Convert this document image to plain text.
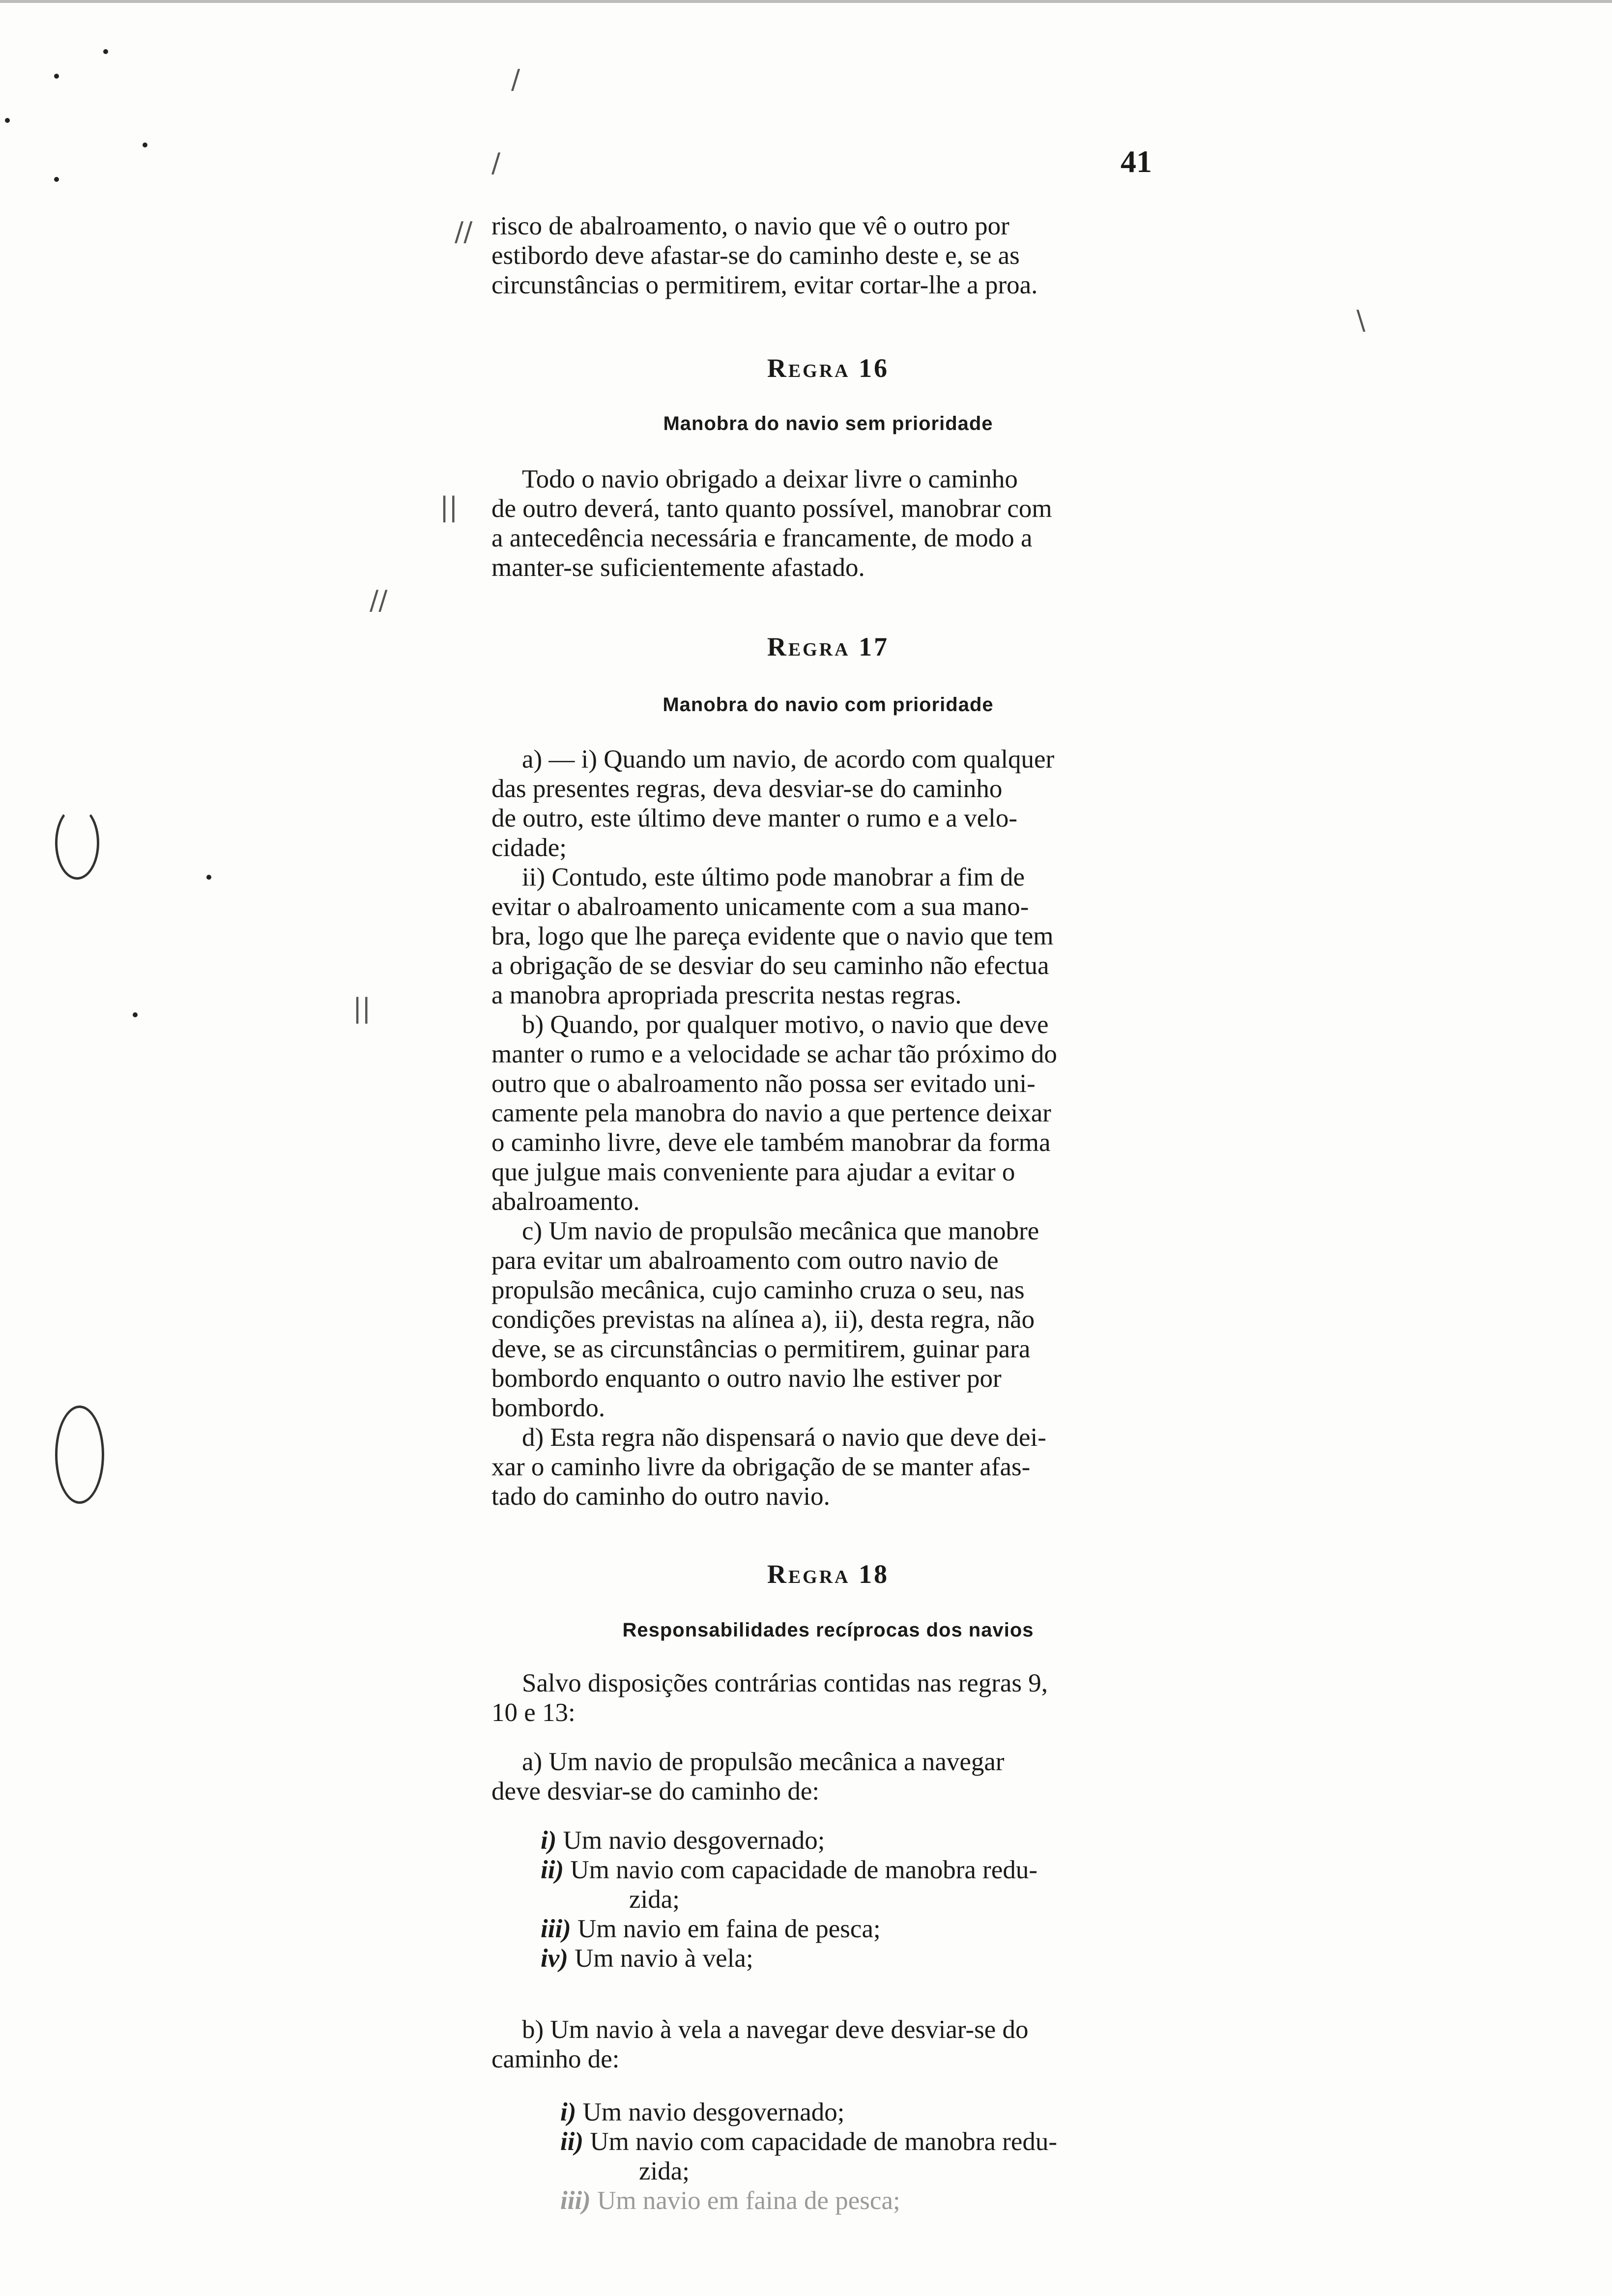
/
/
//
||
//
||
\
41

risco de abalroamento, o navio que vê o outro por

estibordo deve afastar-se do caminho deste e, se as

circunstâncias o permitirem, evitar cortar-lhe a proa.

Regra 16
Manobra do navio sem prioridade

Todo o navio obrigado a deixar livre o caminho

de outro deverá, tanto quanto possível, manobrar com

a antecedência necessária e francamente, de modo a

manter-se suficientemente afastado.

Regra 17
Manobra do navio com prioridade

a) — i) Quando um navio, de acordo com qualquer

das presentes regras, deva desviar-se do caminho

de outro, este último deve manter o rumo e a velo-

cidade;

ii) Contudo, este último pode manobrar a fim de

evitar o abalroamento unicamente com a sua mano-

bra, logo que lhe pareça evidente que o navio que tem

a obrigação de se desviar do seu caminho não efectua

a manobra apropriada prescrita nestas regras.

b) Quando, por qualquer motivo, o navio que deve

manter o rumo e a velocidade se achar tão próximo do

outro que o abalroamento não possa ser evitado uni-

camente pela manobra do navio a que pertence deixar

o caminho livre, deve ele também manobrar da forma

que julgue mais conveniente para ajudar a evitar o

abalroamento.

c) Um navio de propulsão mecânica que manobre

para evitar um abalroamento com outro navio de

propulsão mecânica, cujo caminho cruza o seu, nas

condições previstas na alínea a), ii), desta regra, não

deve, se as circunstâncias o permitirem, guinar para

bombordo enquanto o outro navio lhe estiver por

bombordo.

d) Esta regra não dispensará o navio que deve dei-

xar o caminho livre da obrigação de se manter afas-

tado do caminho do outro navio.

Regra 18
Responsabilidades recíprocas dos navios

Salvo disposições contrárias contidas nas regras 9,

10 e 13:

a) Um navio de propulsão mecânica a navegar

deve desviar-se do caminho de:

i) Um navio desgovernado;
ii) Um navio com capacidade de manobra redu-
zida;
iii) Um navio em faina de pesca;
iv) Um navio à vela;

b) Um navio à vela a navegar deve desviar-se do

caminho de:

i) Um navio desgovernado;
ii) Um navio com capacidade de manobra redu-
zida;
iii) Um navio em faina de pesca;
